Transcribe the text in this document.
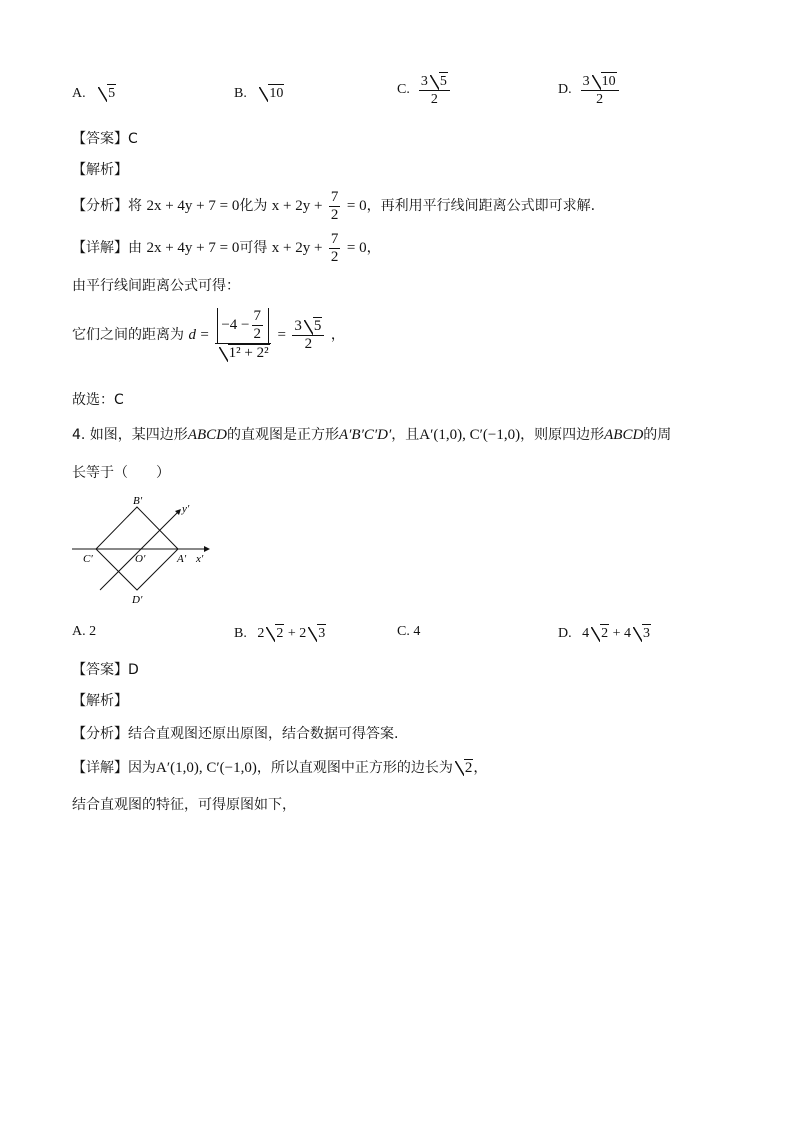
A. 5	B. 10	C. $\frac{3 5}{2}$	D. $\frac{3 10}{2}$
【答案】C
【解析】
【分析】将 2x + 4y + 7 = 0化为 $x + 2y + \frac{7}{2} = 0$，再利用平行线间距离公式即可求解.
【详解】由 2x + 4y + 7 = 0可得 $x + 2y + \frac{7}{2} = 0$，
由平行线间距离公式可得：
它们之间的距离为 $d = \frac{-4 - \frac{7}{2}}{\text{1² + 2²}} = \frac{3 5}{2}$ ，
故选：C
4. 如图，某四边形ABCD的直观图是正方形A′B′C′D′，且A′(1,0), C′(−1,0)，则原四边形ABCD的周
长等于（　　）
B′
y′
C′	O′	A′ x′
D′
A. 2	B. 2 2 + 2 3	C. 4	D. 4 2 + 4 3
【答案】D
【解析】
【分析】结合直观图还原出原图，结合数据可得答案.
【详解】因为A′(1,0), C′(−1,0)，所以直观图中正方形的边长为 2，
结合直观图的特征，可得原图如下，
